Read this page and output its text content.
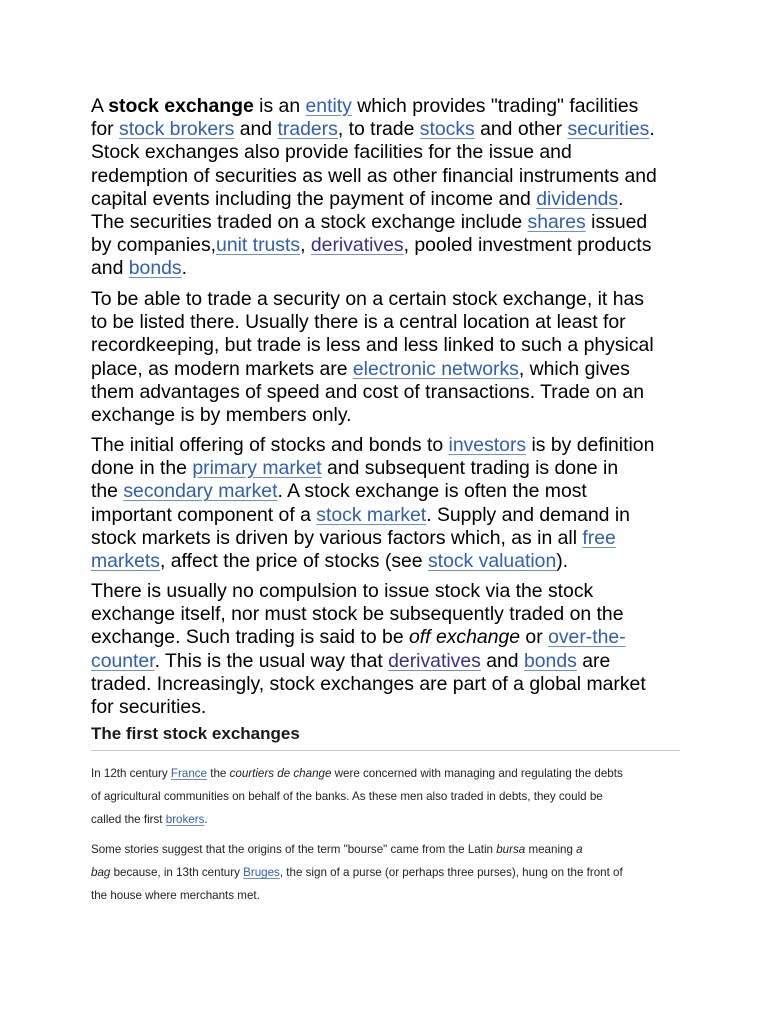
A stock exchange is an entity which provides "trading" facilities
for stock brokers and traders, to trade stocks and other securities.
Stock exchanges also provide facilities for the issue and
redemption of securities as well as other financial instruments and
capital events including the payment of income and dividends.
The securities traded on a stock exchange include shares issued
by companies,unit trusts, derivatives, pooled investment products
and bonds.

To be able to trade a security on a certain stock exchange, it has
to be listed there. Usually there is a central location at least for
recordkeeping, but trade is less and less linked to such a physical
place, as modern markets are electronic networks, which gives
them advantages of speed and cost of transactions. Trade on an
exchange is by members only.

The initial offering of stocks and bonds to investors is by definition
done in the primary market and subsequent trading is done in
the secondary market. A stock exchange is often the most
important component of a stock market. Supply and demand in
stock markets is driven by various factors which, as in all free
markets, affect the price of stocks (see stock valuation).

There is usually no compulsion to issue stock via the stock
exchange itself, nor must stock be subsequently traded on the
exchange. Such trading is said to be off exchange or over-the-
counter. This is the usual way that derivatives and bonds are
traded. Increasingly, stock exchanges are part of a global market
for securities.

The first stock exchanges

In 12th century France the courtiers de change were concerned with managing and regulating the debts
of agricultural communities on behalf of the banks. As these men also traded in debts, they could be
called the first brokers.

Some stories suggest that the origins of the term "bourse" came from the Latin bursa meaning a
bag because, in 13th century Bruges, the sign of a purse (or perhaps three purses), hung on the front of
the house where merchants met.
